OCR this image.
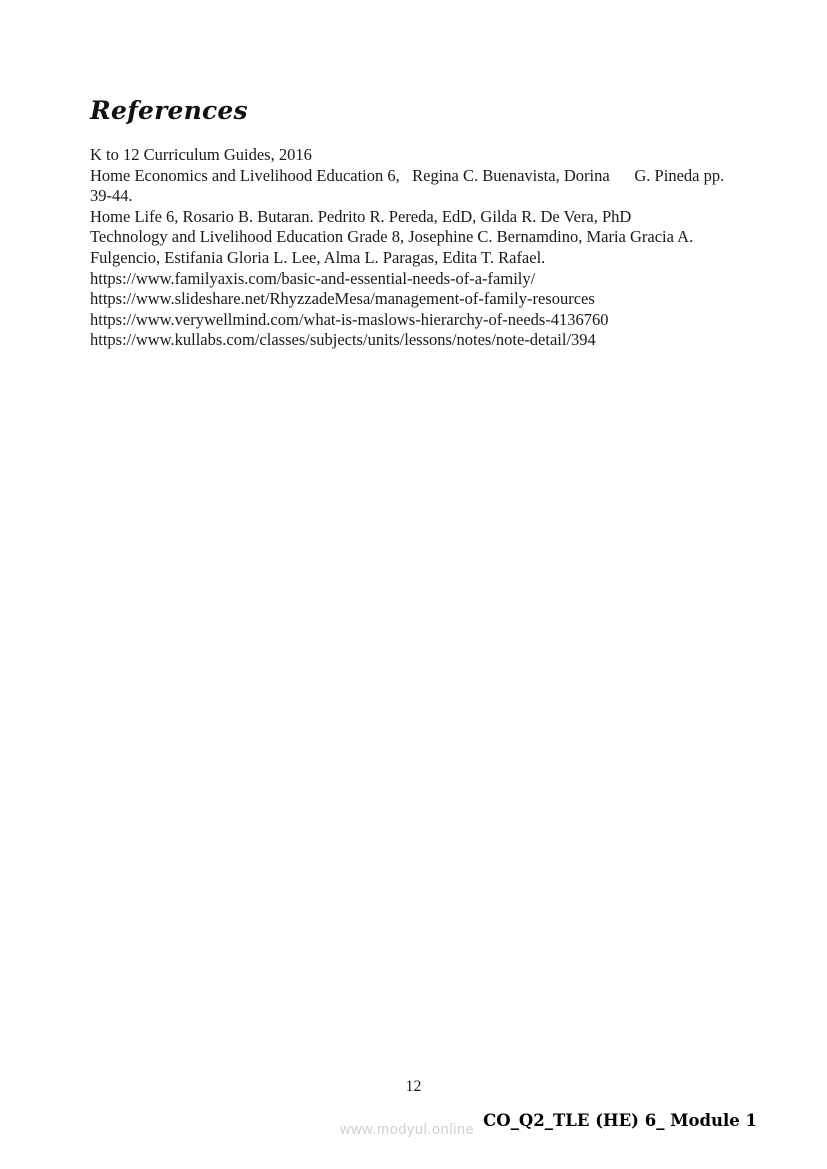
References
K to 12 Curriculum Guides, 2016
Home Economics and Livelihood Education 6,   Regina C. Buenavista, Dorina      G. Pineda pp. 39-44.
Home Life 6, Rosario B. Butaran. Pedrito R. Pereda, EdD, Gilda R. De Vera, PhD
Technology and Livelihood Education Grade 8, Josephine C. Bernamdino, Maria Gracia A. Fulgencio, Estifania Gloria L. Lee, Alma L. Paragas, Edita T. Rafael.
https://www.familyaxis.com/basic-and-essential-needs-of-a-family/
https://www.slideshare.net/RhyzzadeMesa/management-of-family-resources
https://www.verywellmind.com/what-is-maslows-hierarchy-of-needs-4136760
https://www.kullabs.com/classes/subjects/units/lessons/notes/note-detail/394
12
www.modyul.online CO_Q2_TLE (HE) 6_ Module 1
